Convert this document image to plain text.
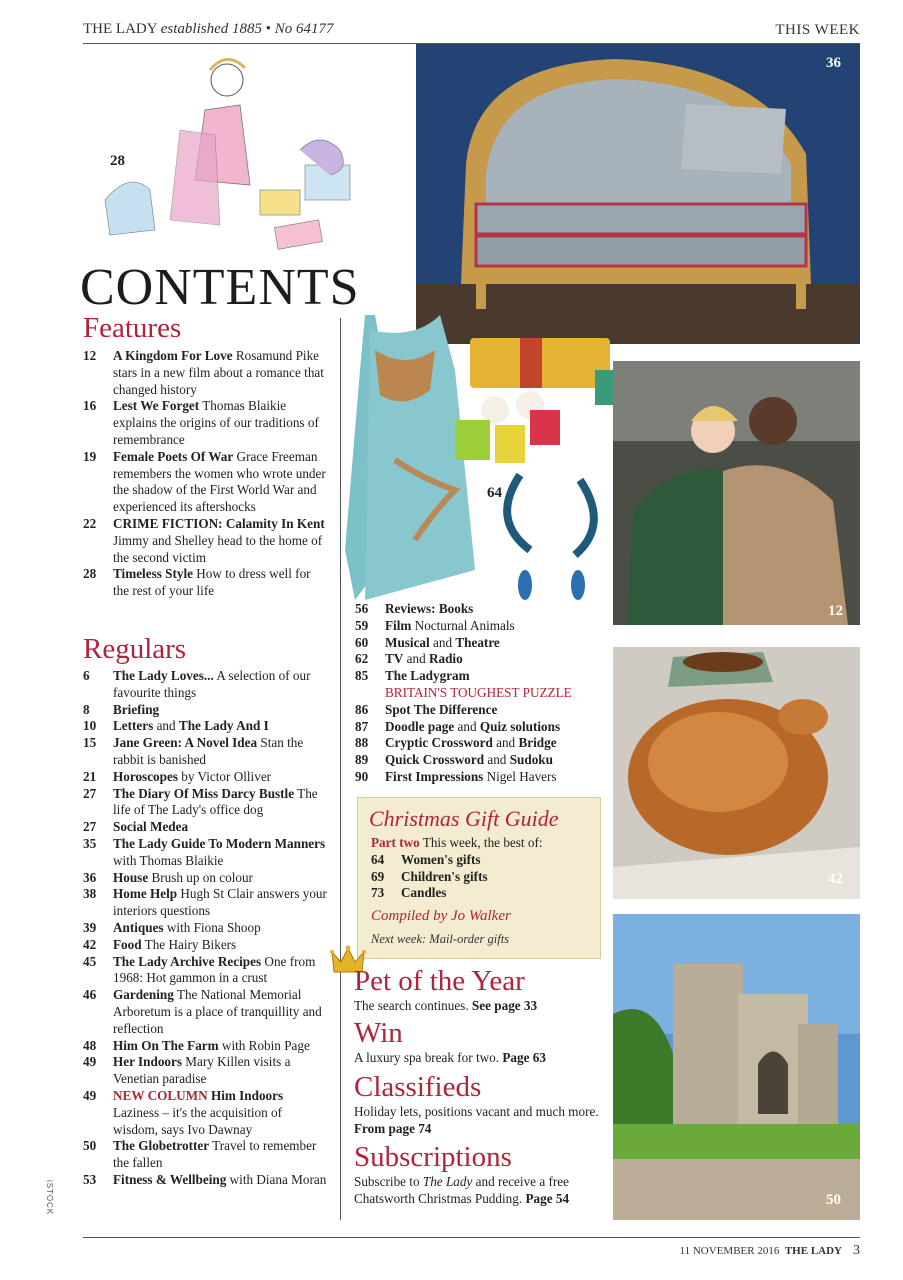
THE LADY established 1885 • No 64177	THIS WEEK
28
CONTENTS
36
Features
12	A Kingdom For Love Rosamund Pike stars in a new film about a romance that changed history
16	Lest We Forget Thomas Blaikie explains the origins of our traditions of remembrance
19	Female Poets Of War Grace Freeman remembers the women who wrote under the shadow of the First World War and experienced its aftershocks
22	CRIME FICTION: Calamity In Kent Jimmy and Shelley head to the home of the second victim
28	Timeless Style How to dress well for the rest of your life
Regulars
6	The Lady Loves... A selection of our favourite things
8	Briefing
10	Letters and The Lady And I
15	Jane Green: A Novel Idea Stan the rabbit is banished
21	Horoscopes by Victor Olliver
27	The Diary Of Miss Darcy Bustle The life of The Lady's office dog
27	Social Medea
35	The Lady Guide To Modern Manners with Thomas Blaikie
36	House Brush up on colour
38	Home Help Hugh St Clair answers your interiors questions
39	Antiques with Fiona Shoop
42	Food The Hairy Bikers
45	The Lady Archive Recipes One from 1968: Hot gammon in a crust
46	Gardening The National Memorial Arboretum is a place of tranquillity and reflection
48	Him On The Farm with Robin Page
49	Her Indoors Mary Killen visits a Venetian paradise
49	NEW COLUMN Him Indoors Laziness – it's the acquisition of wisdom, says Ivo Dawnay
50	The Globetrotter Travel to remember the fallen
53	Fitness & Wellbeing with Diana Moran
64
12
56	Reviews: Books
59	Film Nocturnal Animals
60	Musical and Theatre
62	TV and Radio
85	The Ladygram
BRITAIN'S TOUGHEST PUZZLE
86	Spot The Difference
87	Doodle page and Quiz solutions
88	Cryptic Crossword and Bridge
89	Quick Crossword and Sudoku
90	First Impressions Nigel Havers
42
Christmas Gift Guide
Part two This week, the best of:
64	Women's gifts
69	Children's gifts
73	Candles
Compiled by Jo Walker
Next week: Mail-order gifts
Pet of the Year
The search continues. See page 33
Win
A luxury spa break for two. Page 63
Classifieds
Holiday lets, positions vacant and much more. From page 74
Subscriptions
Subscribe to The Lady and receive a free Chatsworth Christmas Pudding. Page 54	50
iSTOCK
11 NOVEMBER 2016 THE LADY 3
